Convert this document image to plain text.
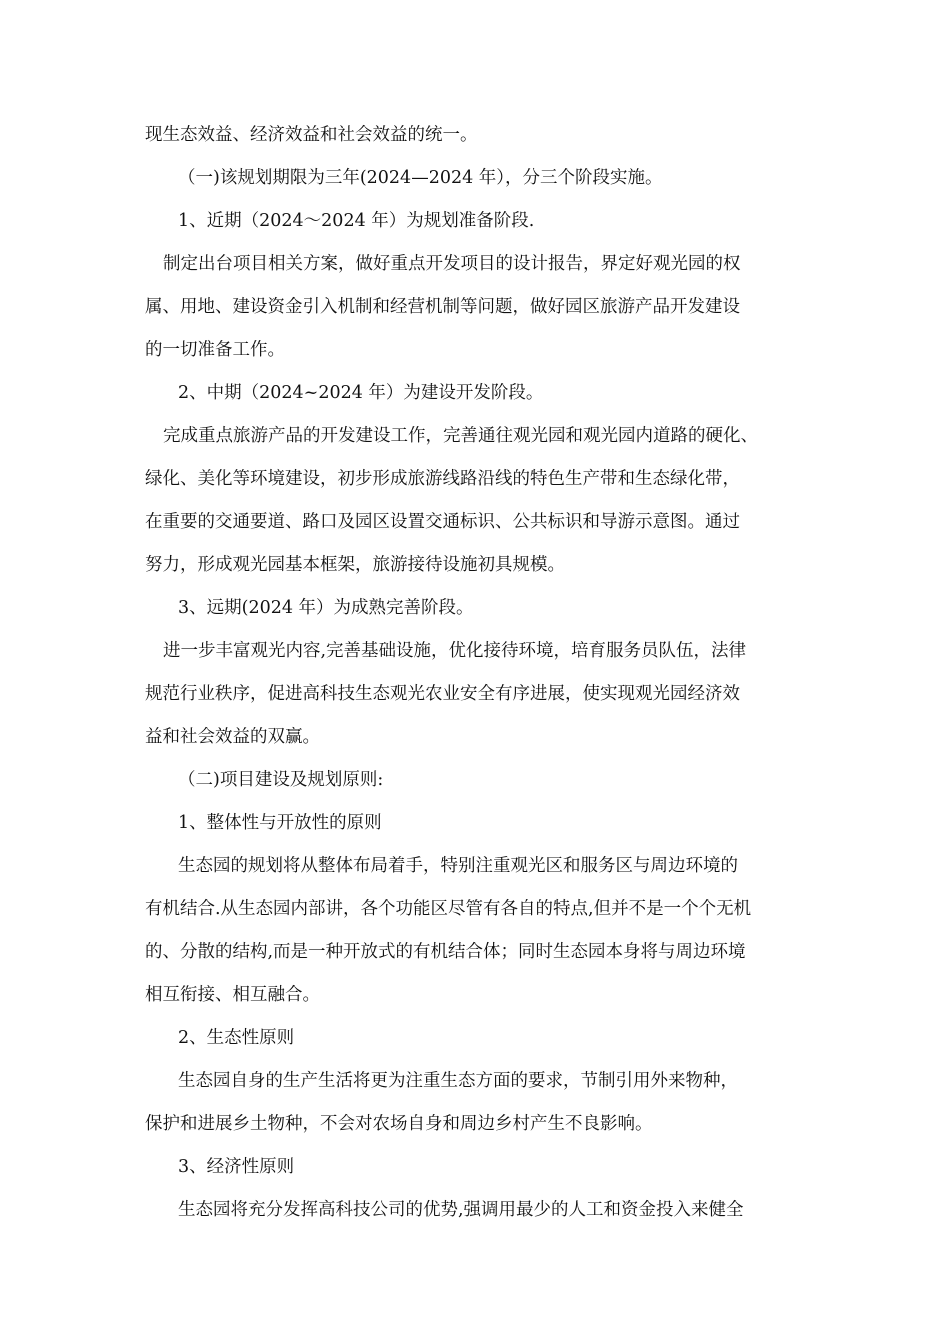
现生态效益、经济效益和社会效益的统一。
（一)该规划期限为三年(2024—2024 年），分三个阶段实施。
1、近期（2024～2024 年）为规划准备阶段.
制定出台项目相关方案，做好重点开发项目的设计报告，界定好观光园的权
属、用地、建设资金引入机制和经营机制等问题，做好园区旅游产品开发建设
的一切准备工作。
2、中期（2024~2024 年）为建设开发阶段。
完成重点旅游产品的开发建设工作，完善通往观光园和观光园内道路的硬化、
绿化、美化等环境建设，初步形成旅游线路沿线的特色生产带和生态绿化带，
在重要的交通要道、路口及园区设置交通标识、公共标识和导游示意图。通过
努力，形成观光园基本框架，旅游接待设施初具规模。
3、远期(2024 年）为成熟完善阶段。
进一步丰富观光内容,完善基础设施，优化接待环境，培育服务员队伍，法律
规范行业秩序，促进高科技生态观光农业安全有序进展，使实现观光园经济效
益和社会效益的双赢。
（二)项目建设及规划原则:
1、整体性与开放性的原则
生态园的规划将从整体布局着手，特别注重观光区和服务区与周边环境的
有机结合.从生态园内部讲，各个功能区尽管有各自的特点,但并不是一个个无机
的、分散的结构,而是一种开放式的有机结合体；同时生态园本身将与周边环境
相互衔接、相互融合。
2、生态性原则
生态园自身的生产生活将更为注重生态方面的要求，节制引用外来物种，
保护和进展乡土物种，不会对农场自身和周边乡村产生不良影响。
3、经济性原则
生态园将充分发挥高科技公司的优势,强调用最少的人工和资金投入来健全
